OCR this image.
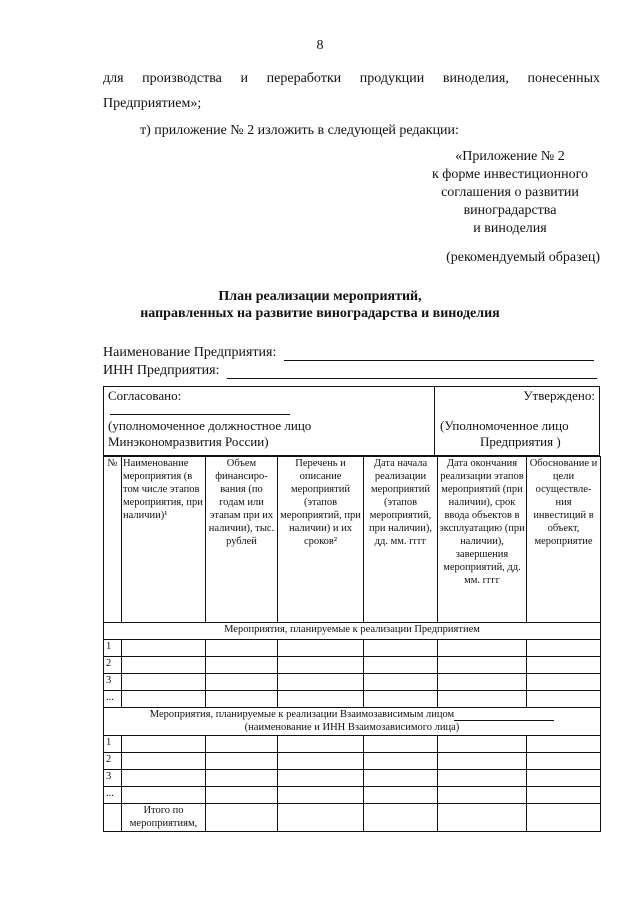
8
для производства и переработки продукции виноделия, понесенных
Предприятием»;
т) приложение № 2 изложить в следующей редакции:
«Приложение № 2
к форме инвестиционного
соглашения о развитии
виноградарства
и виноделия
(рекомендуемый образец)
План реализации мероприятий,
направленных на развитие виноградарства и виноделия
Наименование Предприятия:
ИНН Предприятия:
Согласовано:
(уполномоченное должностное лицо
Минэкономразвития России)
Утверждено:
(Уполномоченное лицо
Предприятия )
№	Наименование мероприятия (в том числе этапов мероприятия, при наличии)¹	Объем финансиро-вания (по годам или этапам при их наличии), тыс. рублей	Перечень и описание мероприятий (этапов мероприятий, при наличии) и их сроков²	Дата начала реализации мероприятий (этапов мероприятий, при наличии), дд. мм. гггг	Дата окончания реализации этапов мероприятий (при наличии), срок ввода объектов в эксплуатацию (при наличии), завершения мероприятий, дд. мм. гггг	Обоснование и цели осуществле-ния инвестиций в объект, мероприятие
Мероприятия, планируемые к реализации Предприятием						
1						
2						
3						
...						

Мероприятия, планируемые к реализации Взаимозависимым лицом
(наименование и ИНН Взаимозависимого лица)						

1						
2						
3						
...						
	Итого по мероприятиям,					
